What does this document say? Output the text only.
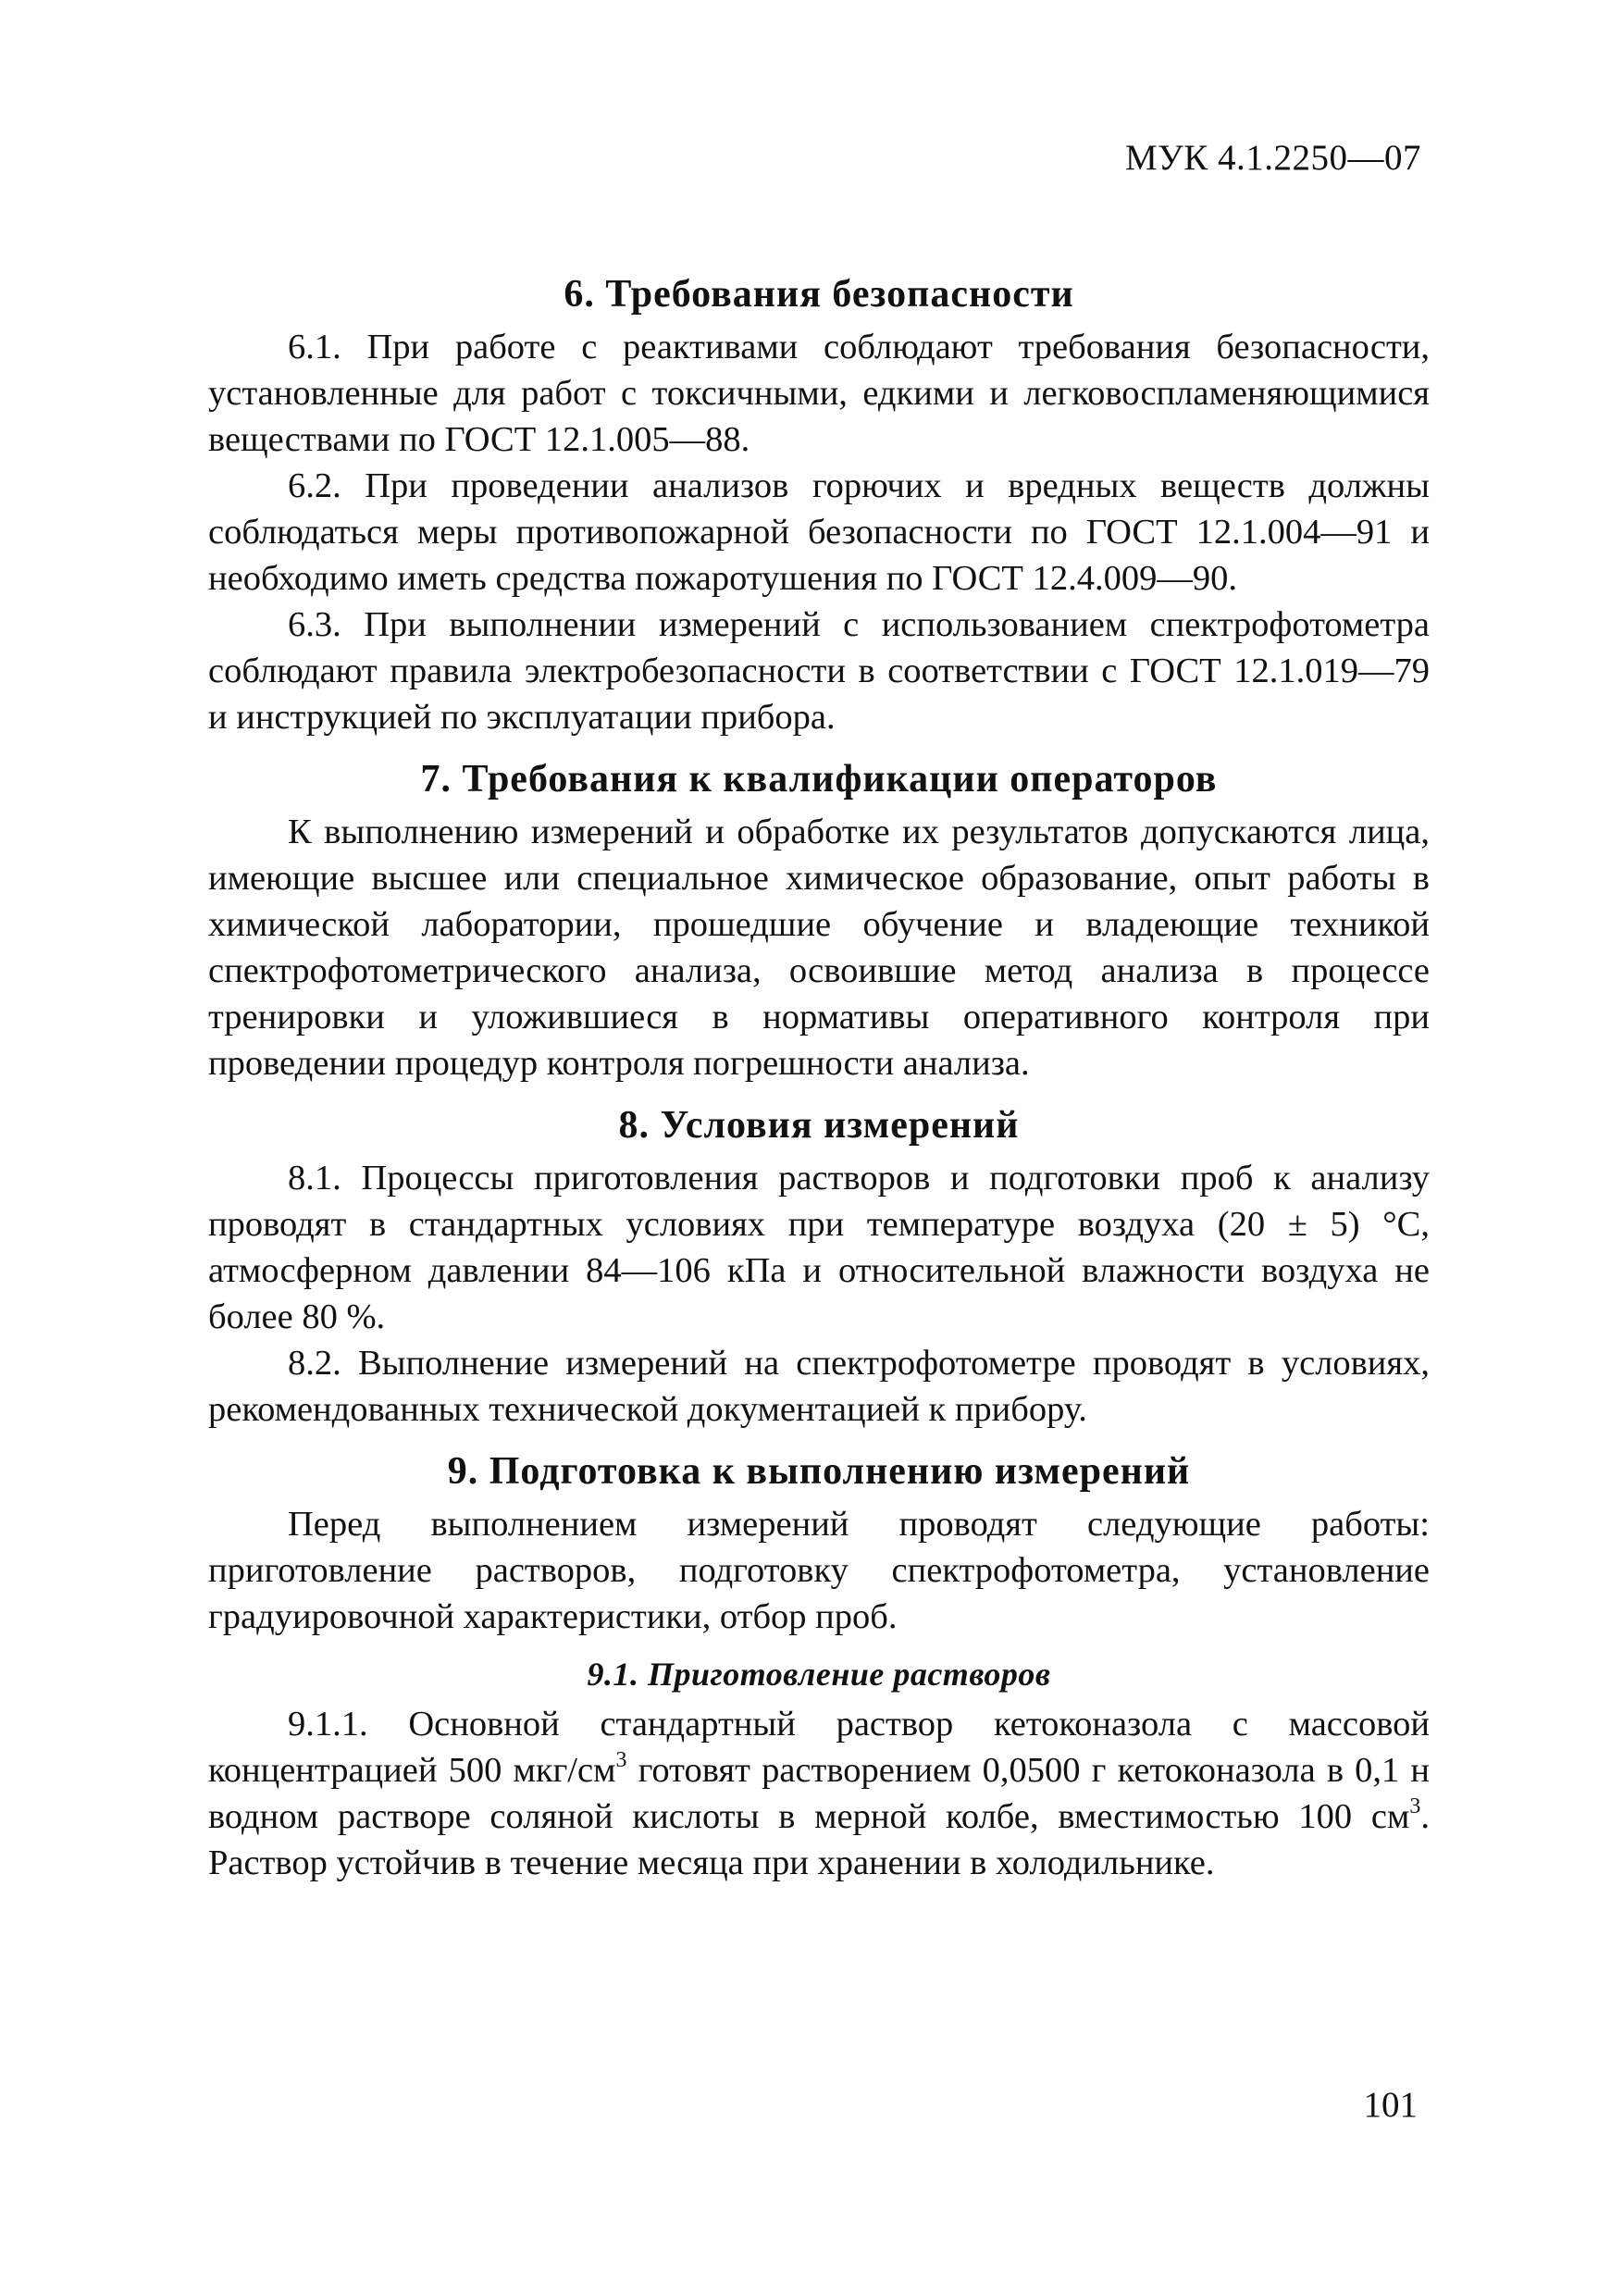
МУК 4.1.2250—07
6. Требования безопасности

6.1. При работе с реактивами соблюдают требования безопасности, установленные для работ с токсичными, едкими и легковоспламеняющимися веществами по ГОСТ 12.1.005—88.

6.2. При проведении анализов горючих и вредных веществ должны соблюдаться меры противопожарной безопасности по ГОСТ 12.1.004—91 и необходимо иметь средства пожаротушения по ГОСТ 12.4.009—90.

6.3. При выполнении измерений с использованием спектрофотометра соблюдают правила электробезопасности в соответствии с ГОСТ 12.1.019—79 и инструкцией по эксплуатации прибора.

7. Требования к квалификации операторов

К выполнению измерений и обработке их результатов допускаются лица, имеющие высшее или специальное химическое образование, опыт работы в химической лаборатории, прошедшие обучение и владеющие техникой спектрофотометрического анализа, освоившие метод анализа в процессе тренировки и уложившиеся в нормативы оперативного контроля при проведении процедур контроля погрешности анализа.

8. Условия измерений

8.1. Процессы приготовления растворов и подготовки проб к анализу проводят в стандартных условиях при температуре воздуха (20 ± 5) °С, атмосферном давлении 84—106 кПа и относительной влажности воздуха не более 80 %.

8.2. Выполнение измерений на спектрофотометре проводят в условиях, рекомендованных технической документацией к прибору.

9. Подготовка к выполнению измерений

Перед выполнением измерений проводят следующие работы: приготовление растворов, подготовку спектрофотометра, установление градуировочной характеристики, отбор проб.

9.1. Приготовление растворов

9.1.1. Основной стандартный раствор кетоконазола с массовой концентрацией 500 мкг/$см^3$ готовят растворением 0,0500 г кетоконазола в 0,1 н водном растворе соляной кислоты в мерной колбе, вместимостью 100 $см^3$. Раствор устойчив в течение месяца при хранении в холодильнике.

101
